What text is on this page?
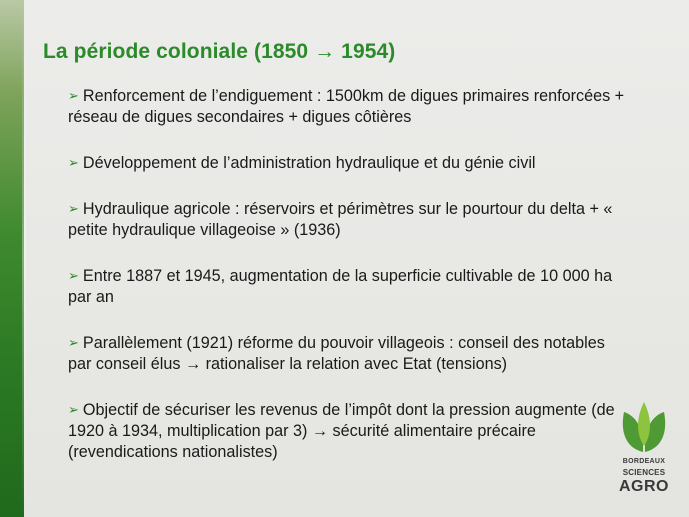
La période coloniale (1850 → 1954)
➢ Renforcement de l’endiguement : 1500km de digues primaires renforcées + réseau de digues secondaires + digues côtières
➢ Développement de l’administration hydraulique et du génie civil
➢ Hydraulique agricole : réservoirs et périmètres sur le pourtour du delta + « petite hydraulique villageoise » (1936)
➢ Entre 1887 et 1945, augmentation de la superficie cultivable de 10 000 ha par an
➢ Parallèlement (1921) réforme du pouvoir villageois : conseil des notables par conseil élus → rationaliser la relation avec Etat (tensions)
➢ Objectif de sécuriser les revenus de l’impôt dont la pression augmente (de 1920 à 1934, multiplication par 3) → sécurité alimentaire précaire (revendications nationalistes)
BORDEAUX
SCIENCES
AGRO
